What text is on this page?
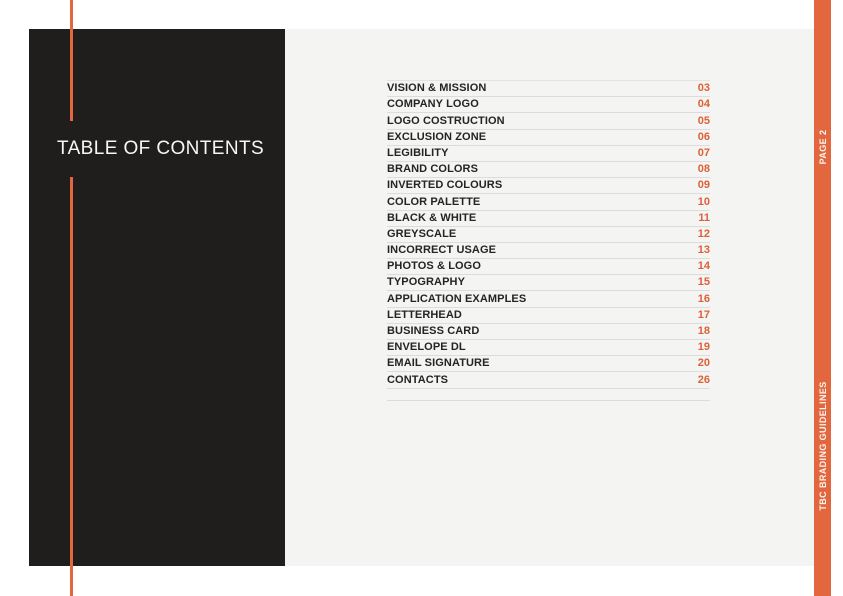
TABLE OF CONTENTS
VISION & MISSION	03
COMPANY LOGO	04
LOGO COSTRUCTION	05
EXCLUSION ZONE	06
LEGIBILITY	07
BRAND COLORS	08
INVERTED COLOURS	09
COLOR PALETTE	10
BLACK & WHITE	11
GREYSCALE	12
INCORRECT USAGE	13
PHOTOS & LOGO	14
TYPOGRAPHY	15
APPLICATION EXAMPLES	16
LETTERHEAD	17
BUSINESS CARD	18
ENVELOPE DL	19
EMAIL SIGNATURE	20
CONTACTS	26
PAGE 2
TBC BRADING GUIDELINES
